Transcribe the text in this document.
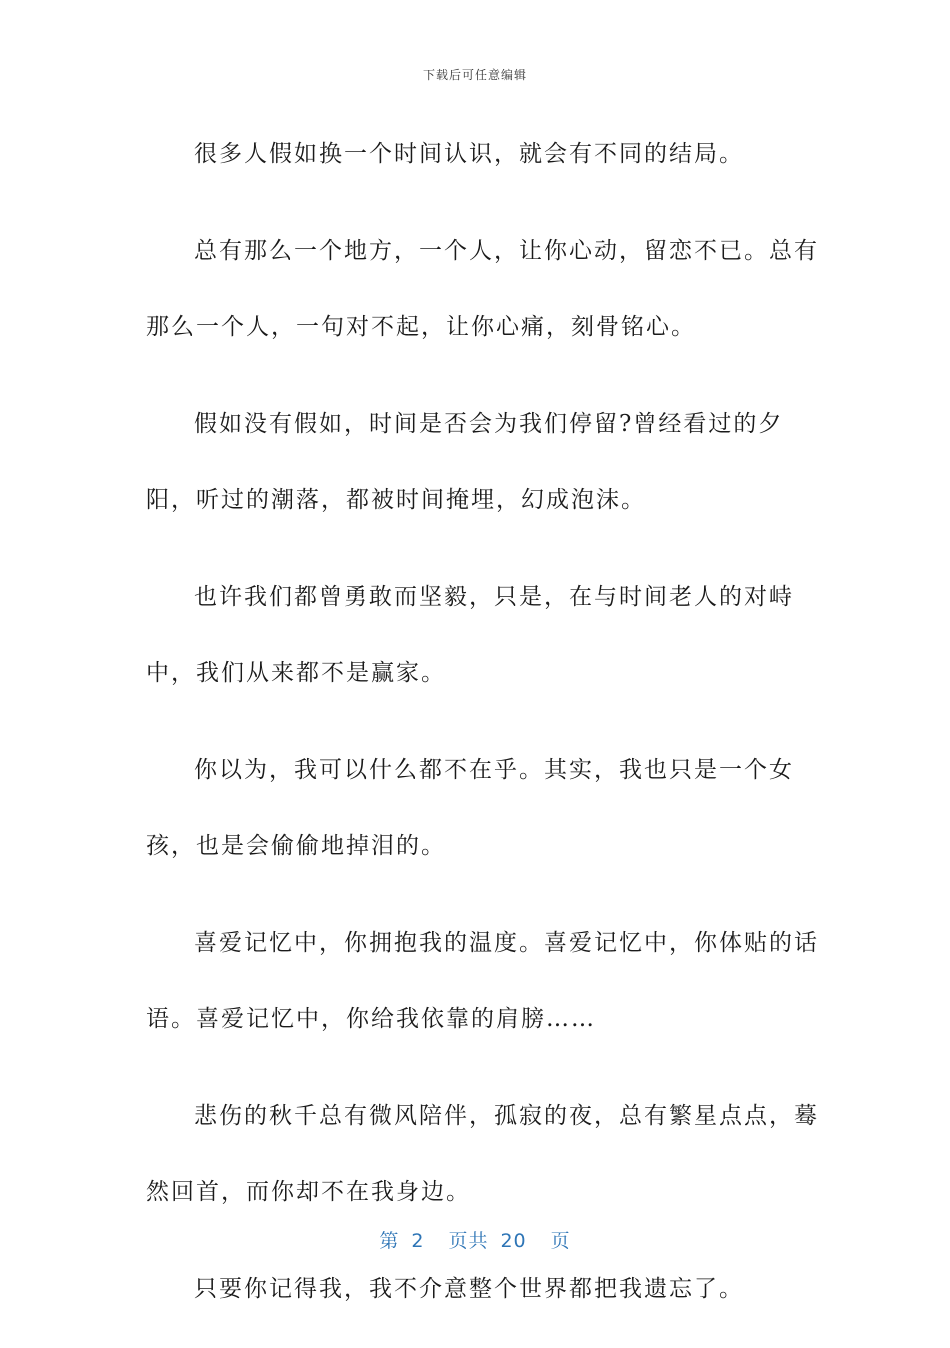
下载后可任意编辑

很多人假如换一个时间认识，就会有不同的结局。

总有那么一个地方，一个人，让你心动，留恋不已。总有那么一个人，一句对不起，让你心痛，刻骨铭心。

假如没有假如，时间是否会为我们停留?曾经看过的夕阳，听过的潮落，都被时间掩埋，幻成泡沫。

也许我们都曾勇敢而坚毅，只是，在与时间老人的对峙中，我们从来都不是赢家。

你以为，我可以什么都不在乎。其实，我也只是一个女孩，也是会偷偷地掉泪的。

喜爱记忆中，你拥抱我的温度。喜爱记忆中，你体贴的话语。喜爱记忆中，你给我依靠的肩膀……

悲伤的秋千总有微风陪伴，孤寂的夜，总有繁星点点，蓦然回首，而你却不在我身边。

只要你记得我，我不介意整个世界都把我遗忘了。

第 2 页共 20 页
